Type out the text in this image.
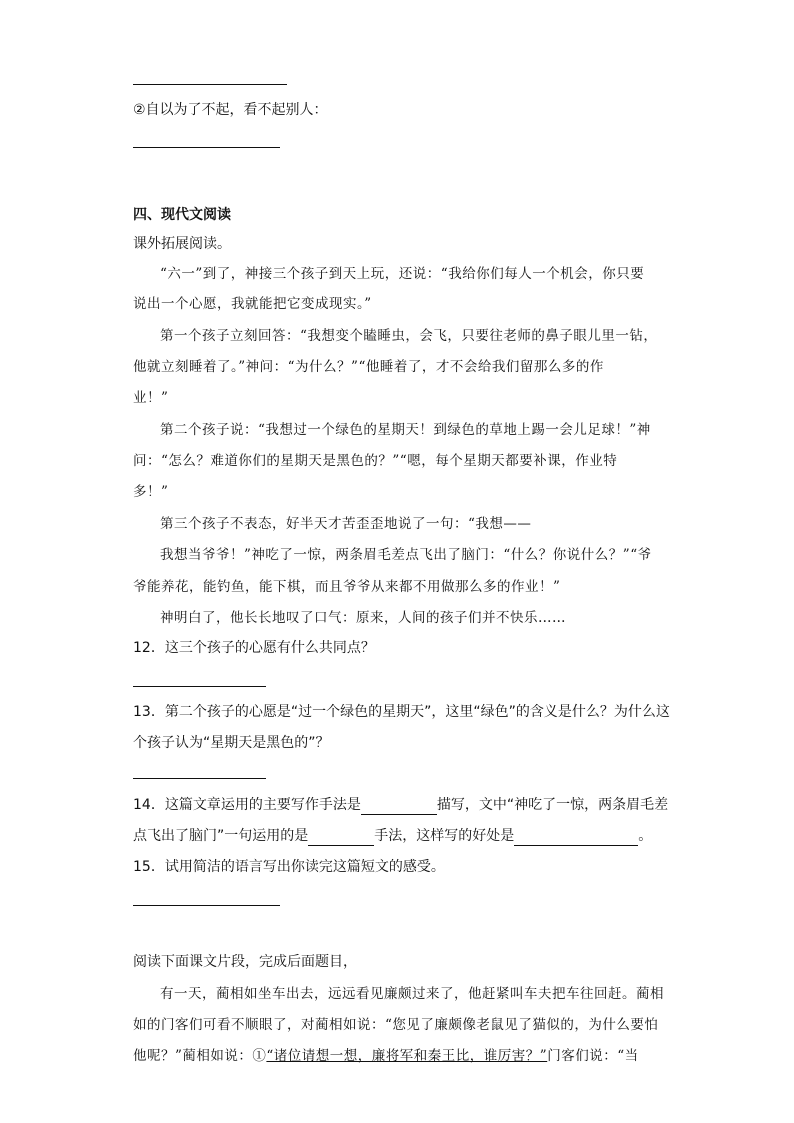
②自以为了不起，看不起别人：
四、现代文阅读
课外拓展阅读。
“六一”到了，神接三个孩子到天上玩，还说：“我给你们每人一个机会，你只要
说出一个心愿，我就能把它变成现实。”
第一个孩子立刻回答：“我想变个瞌睡虫，会飞，只要往老师的鼻子眼儿里一钻，
他就立刻睡着了。”神问：“为什么？”“他睡着了，才不会给我们留那么多的作
业！”
第二个孩子说：“我想过一个绿色的星期天！到绿色的草地上踢一会儿足球！”神
问：“怎么？难道你们的星期天是黑色的？”“嗯，每个星期天都要补课，作业特
多！”
第三个孩子不表态，好半天才苦歪歪地说了一句：“我想——
我想当爷爷！”神吃了一惊，两条眉毛差点飞出了脑门：“什么？你说什么？”“爷
爷能养花，能钓鱼，能下棋，而且爷爷从来都不用做那么多的作业！”
神明白了，他长长地叹了口气：原来，人间的孩子们并不快乐……
12．这三个孩子的心愿有什么共同点？
13．第二个孩子的心愿是“过一个绿色的星期天”，这里“绿色”的含义是什么？为什么这
个孩子认为“星期天是黑色的”？
14．这篇文章运用的主要写作手法是	描写，文中“神吃了一惊，两条眉毛差
点飞出了脑门”一句运用的是	手法，这样写的好处是	。
15．试用简洁的语言写出你读完这篇短文的感受。
阅读下面课文片段，完成后面题目，
有一天，蔺相如坐车出去，远远看见廉颇过来了，他赶紧叫车夫把车往回赶。蔺相
如的门客们可看不顺眼了，对蔺相如说：“您见了廉颇像老鼠见了猫似的，为什么要怕
他呢？”蔺相如说：①“诸位请想一想，廉将军和秦王比，谁厉害？”门客们说：“当
